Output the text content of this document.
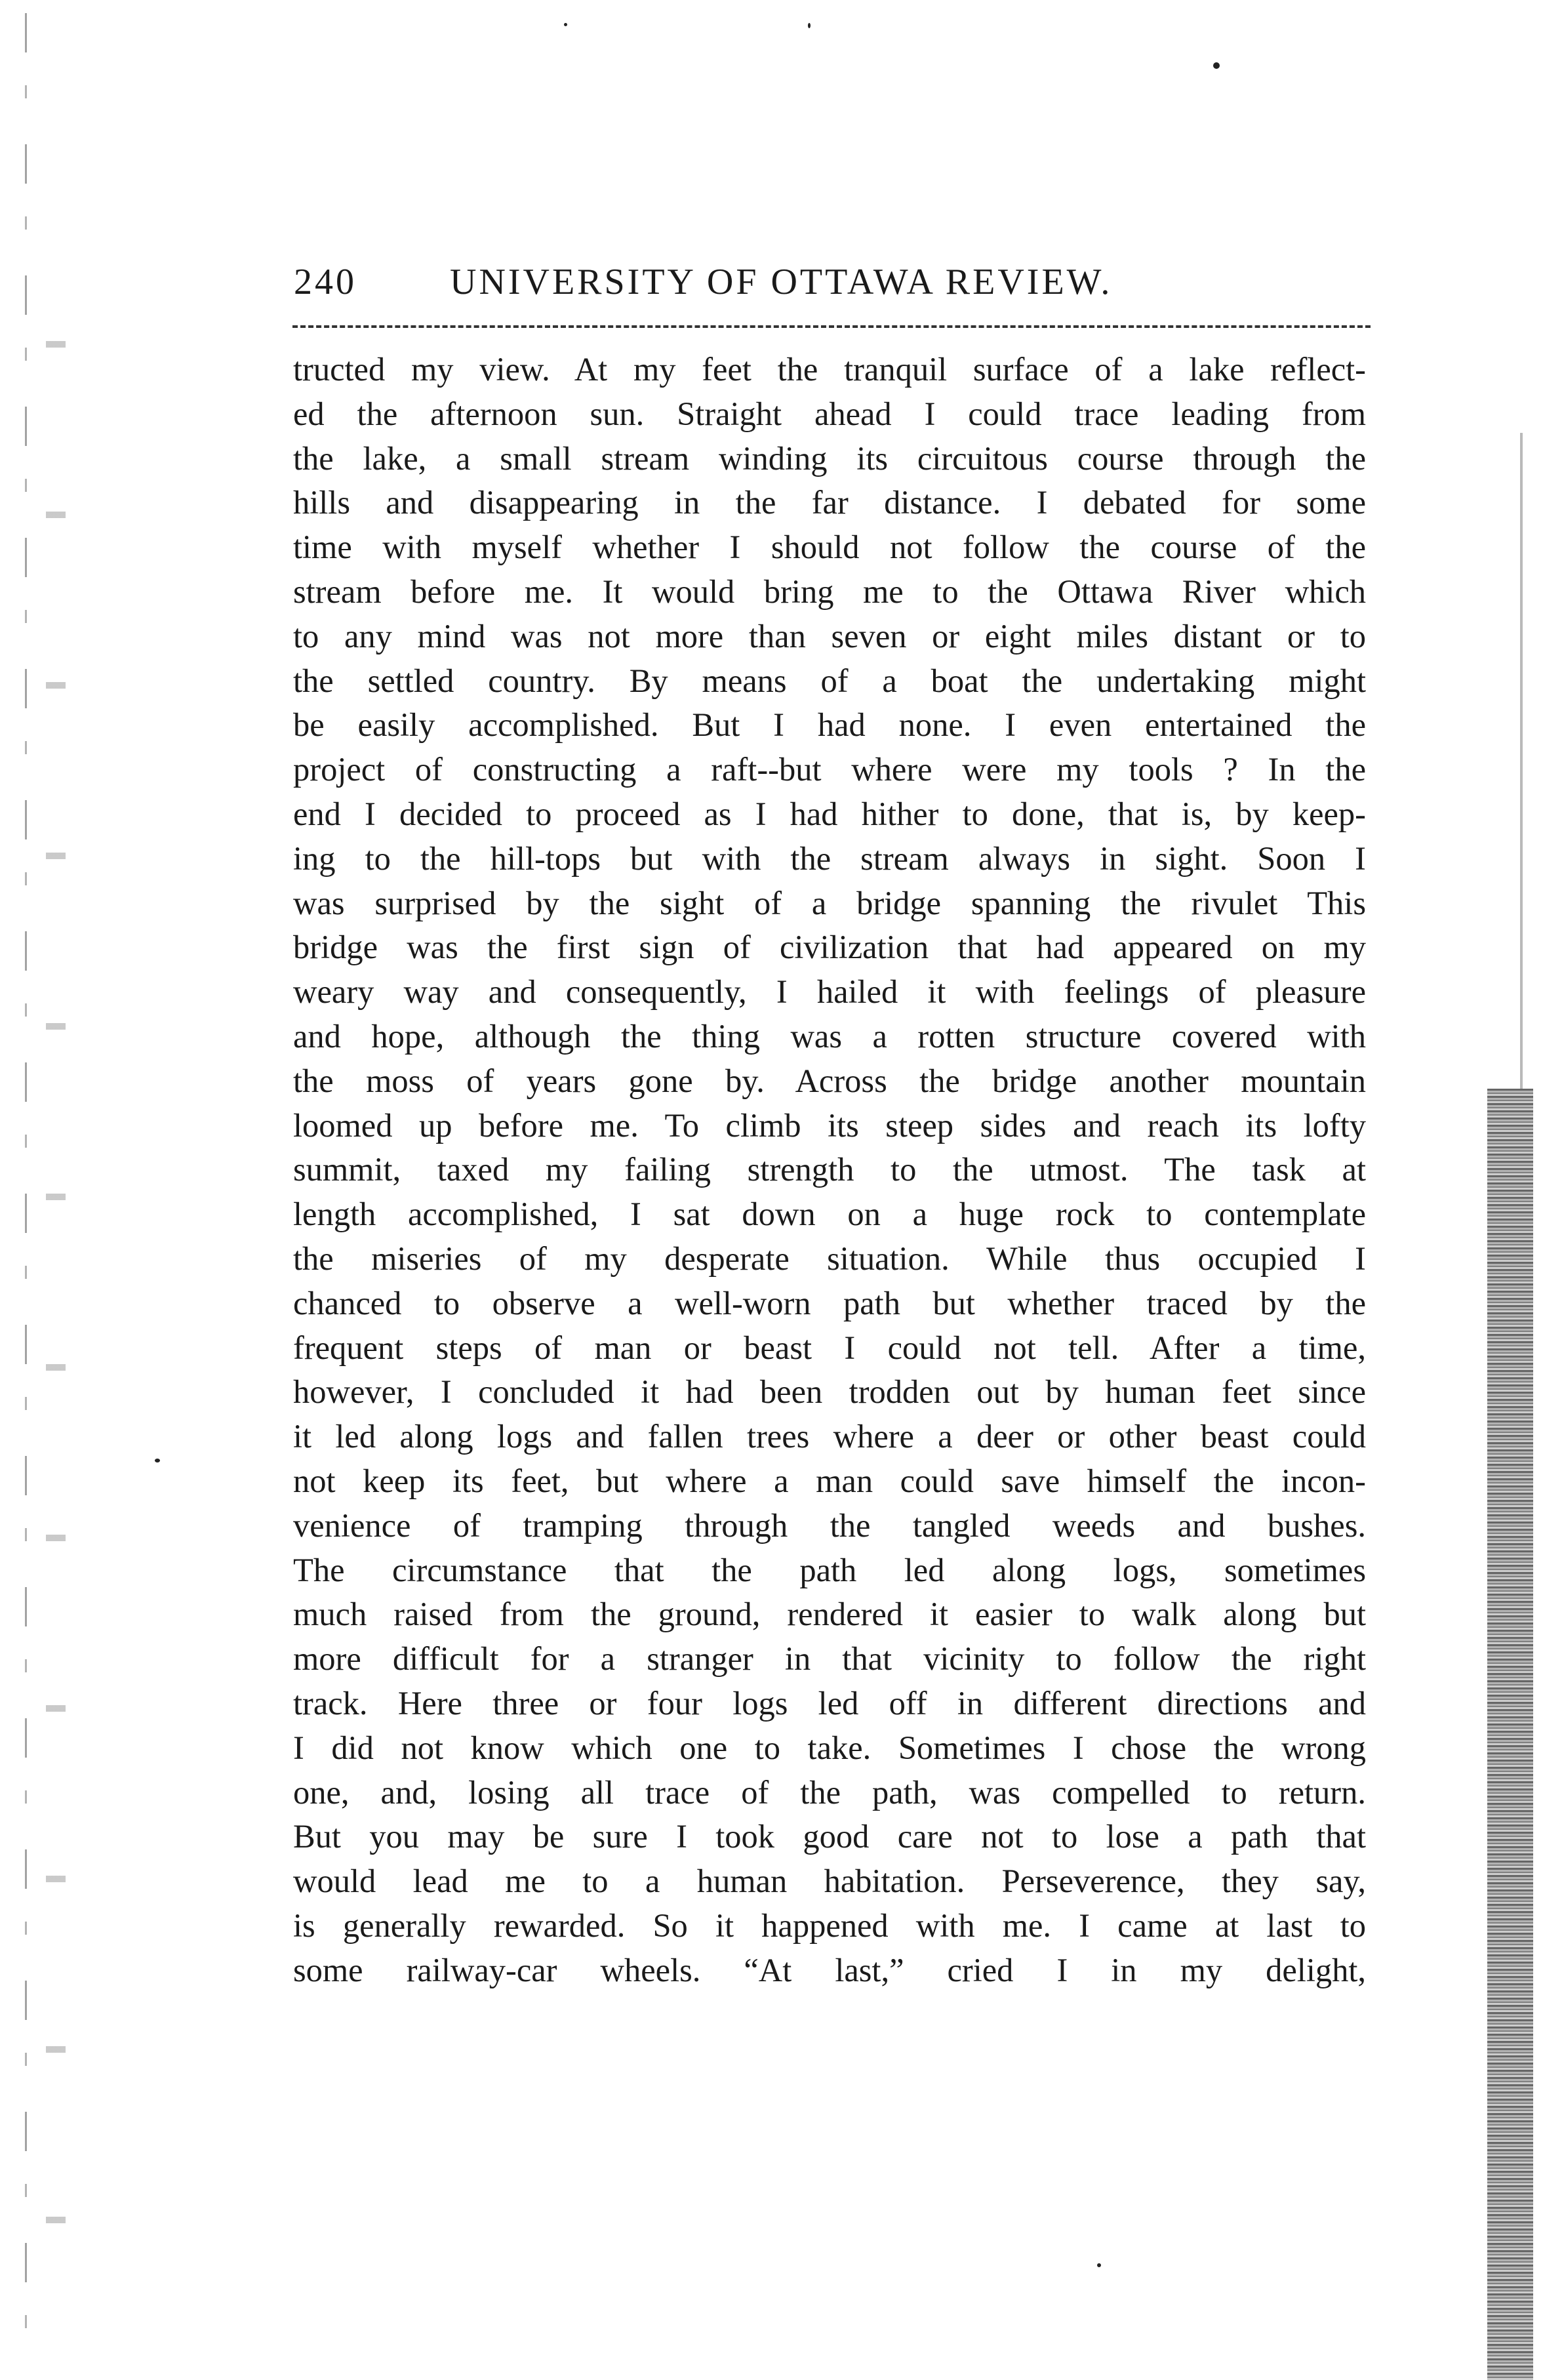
240	UNIVERSITY OF OTTAWA REVIEW.
tructed my view. At my feet the tranquil surface of a lake reflect-
ed the afternoon sun. Straight ahead I could trace leading from
the lake, a small stream winding its circuitous course through the
hills and disappearing in the far distance. I debated for some
time with myself whether I should not follow the course of the
stream before me. It would bring me to the Ottawa River which
to any mind was not more than seven or eight miles distant or to
the settled country. By means of a boat the undertaking might
be easily accomplished. But I had none. I even entertained the
project of constructing a raft--but where were my tools ? In the
end I decided to proceed as I had hither to done, that is, by keep-
ing to the hill-tops but with the stream always in sight. Soon I
was surprised by the sight of a bridge spanning the rivulet This
bridge was the first sign of civilization that had appeared on my
weary way and consequently, I hailed it with feelings of pleasure
and hope, although the thing was a rotten structure covered with
the moss of years gone by. Across the bridge another mountain
loomed up before me. To climb its steep sides and reach its lofty
summit, taxed my failing strength to the utmost. The task at
length accomplished, I sat down on a huge rock to contemplate
the miseries of my desperate situation. While thus occupied I
chanced to observe a well-worn path but whether traced by the
frequent steps of man or beast I could not tell. After a time,
however, I concluded it had been trodden out by human feet since
it led along logs and fallen trees where a deer or other beast could
not keep its feet, but where a man could save himself the incon-
venience of tramping through the tangled weeds and bushes.
The circumstance that the path led along logs, sometimes
much raised from the ground, rendered it easier to walk along but
more difficult for a stranger in that vicinity to follow the right
track. Here three or four logs led off in different directions and
I did not know which one to take. Sometimes I chose the wrong
one, and, losing all trace of the path, was compelled to return.
But you may be sure I took good care not to lose a path that
would lead me to a human habitation. Perseverence, they say,
is generally rewarded. So it happened with me. I came at last to
some railway-car wheels. “At last,” cried I in my delight,
